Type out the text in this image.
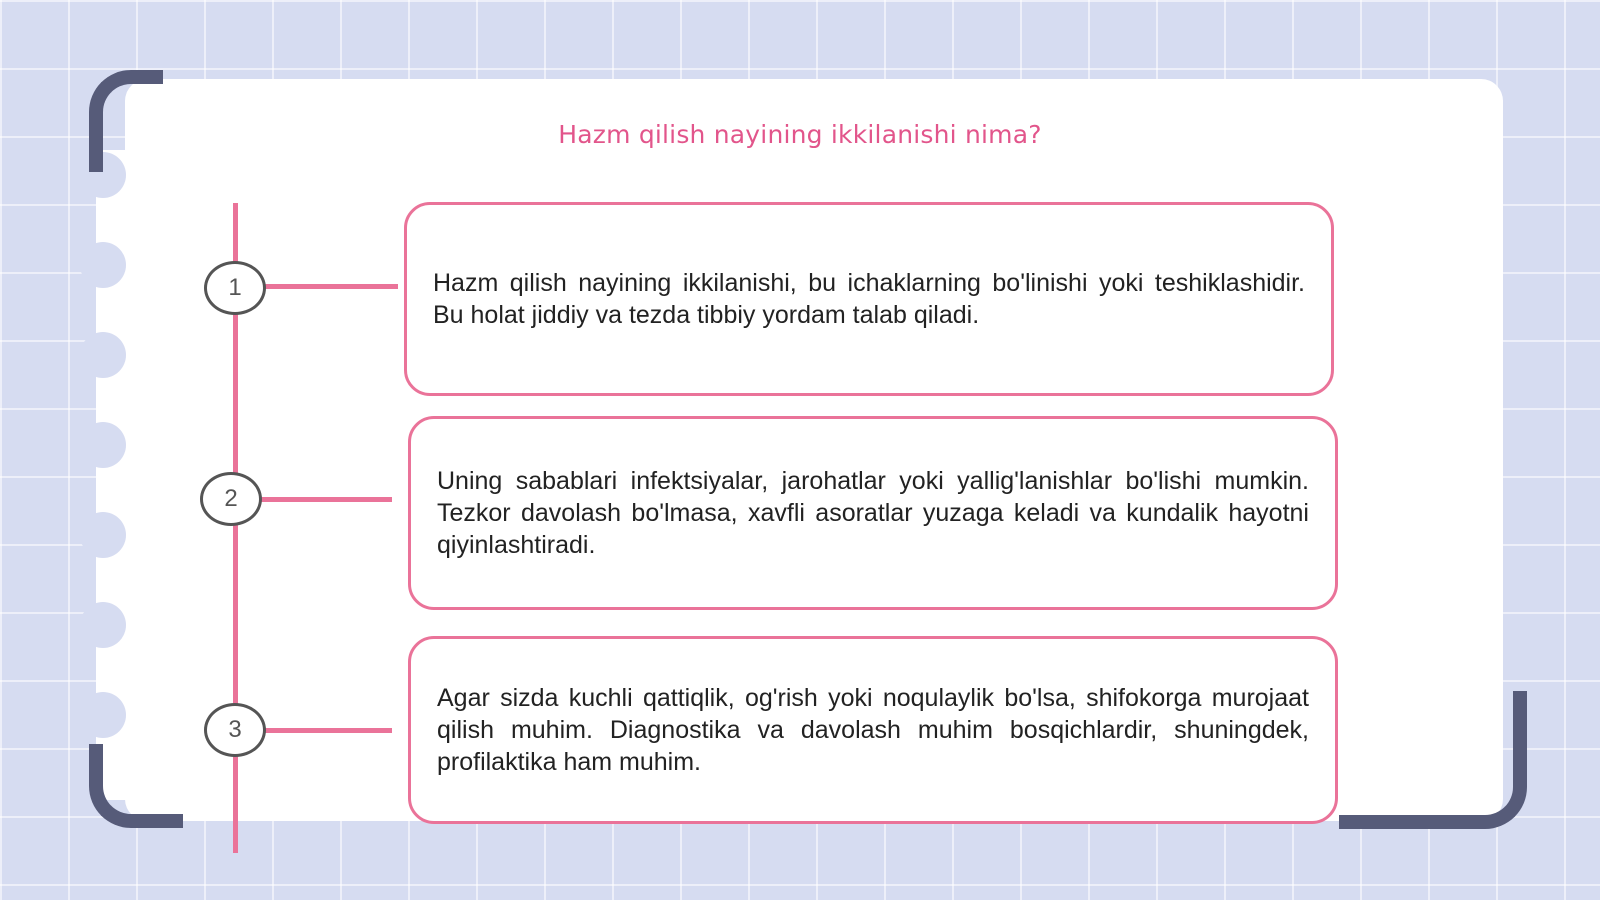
Hazm qilish nayining ikkilanishi nima?
1	Hazm qilish nayining ikkilanishi, bu ichaklarning bo'linishi yoki teshiklashidir. Bu holat jiddiy va tezda tibbiy yordam talab qiladi.
2
Uning sabablari infektsiyalar, jarohatlar yoki yallig'lanishlar bo'lishi mumkin. Tezkor davolash bo'lmasa, xavfli asoratlar yuzaga keladi va kundalik hayotni qiyinlashtiradi.
3
Agar sizda kuchli qattiqlik, og'rish yoki noqulaylik bo'lsa, shifokorga murojaat qilish muhim. Diagnostika va davolash muhim bosqichlardir, shuningdek, profilaktika ham muhim.
